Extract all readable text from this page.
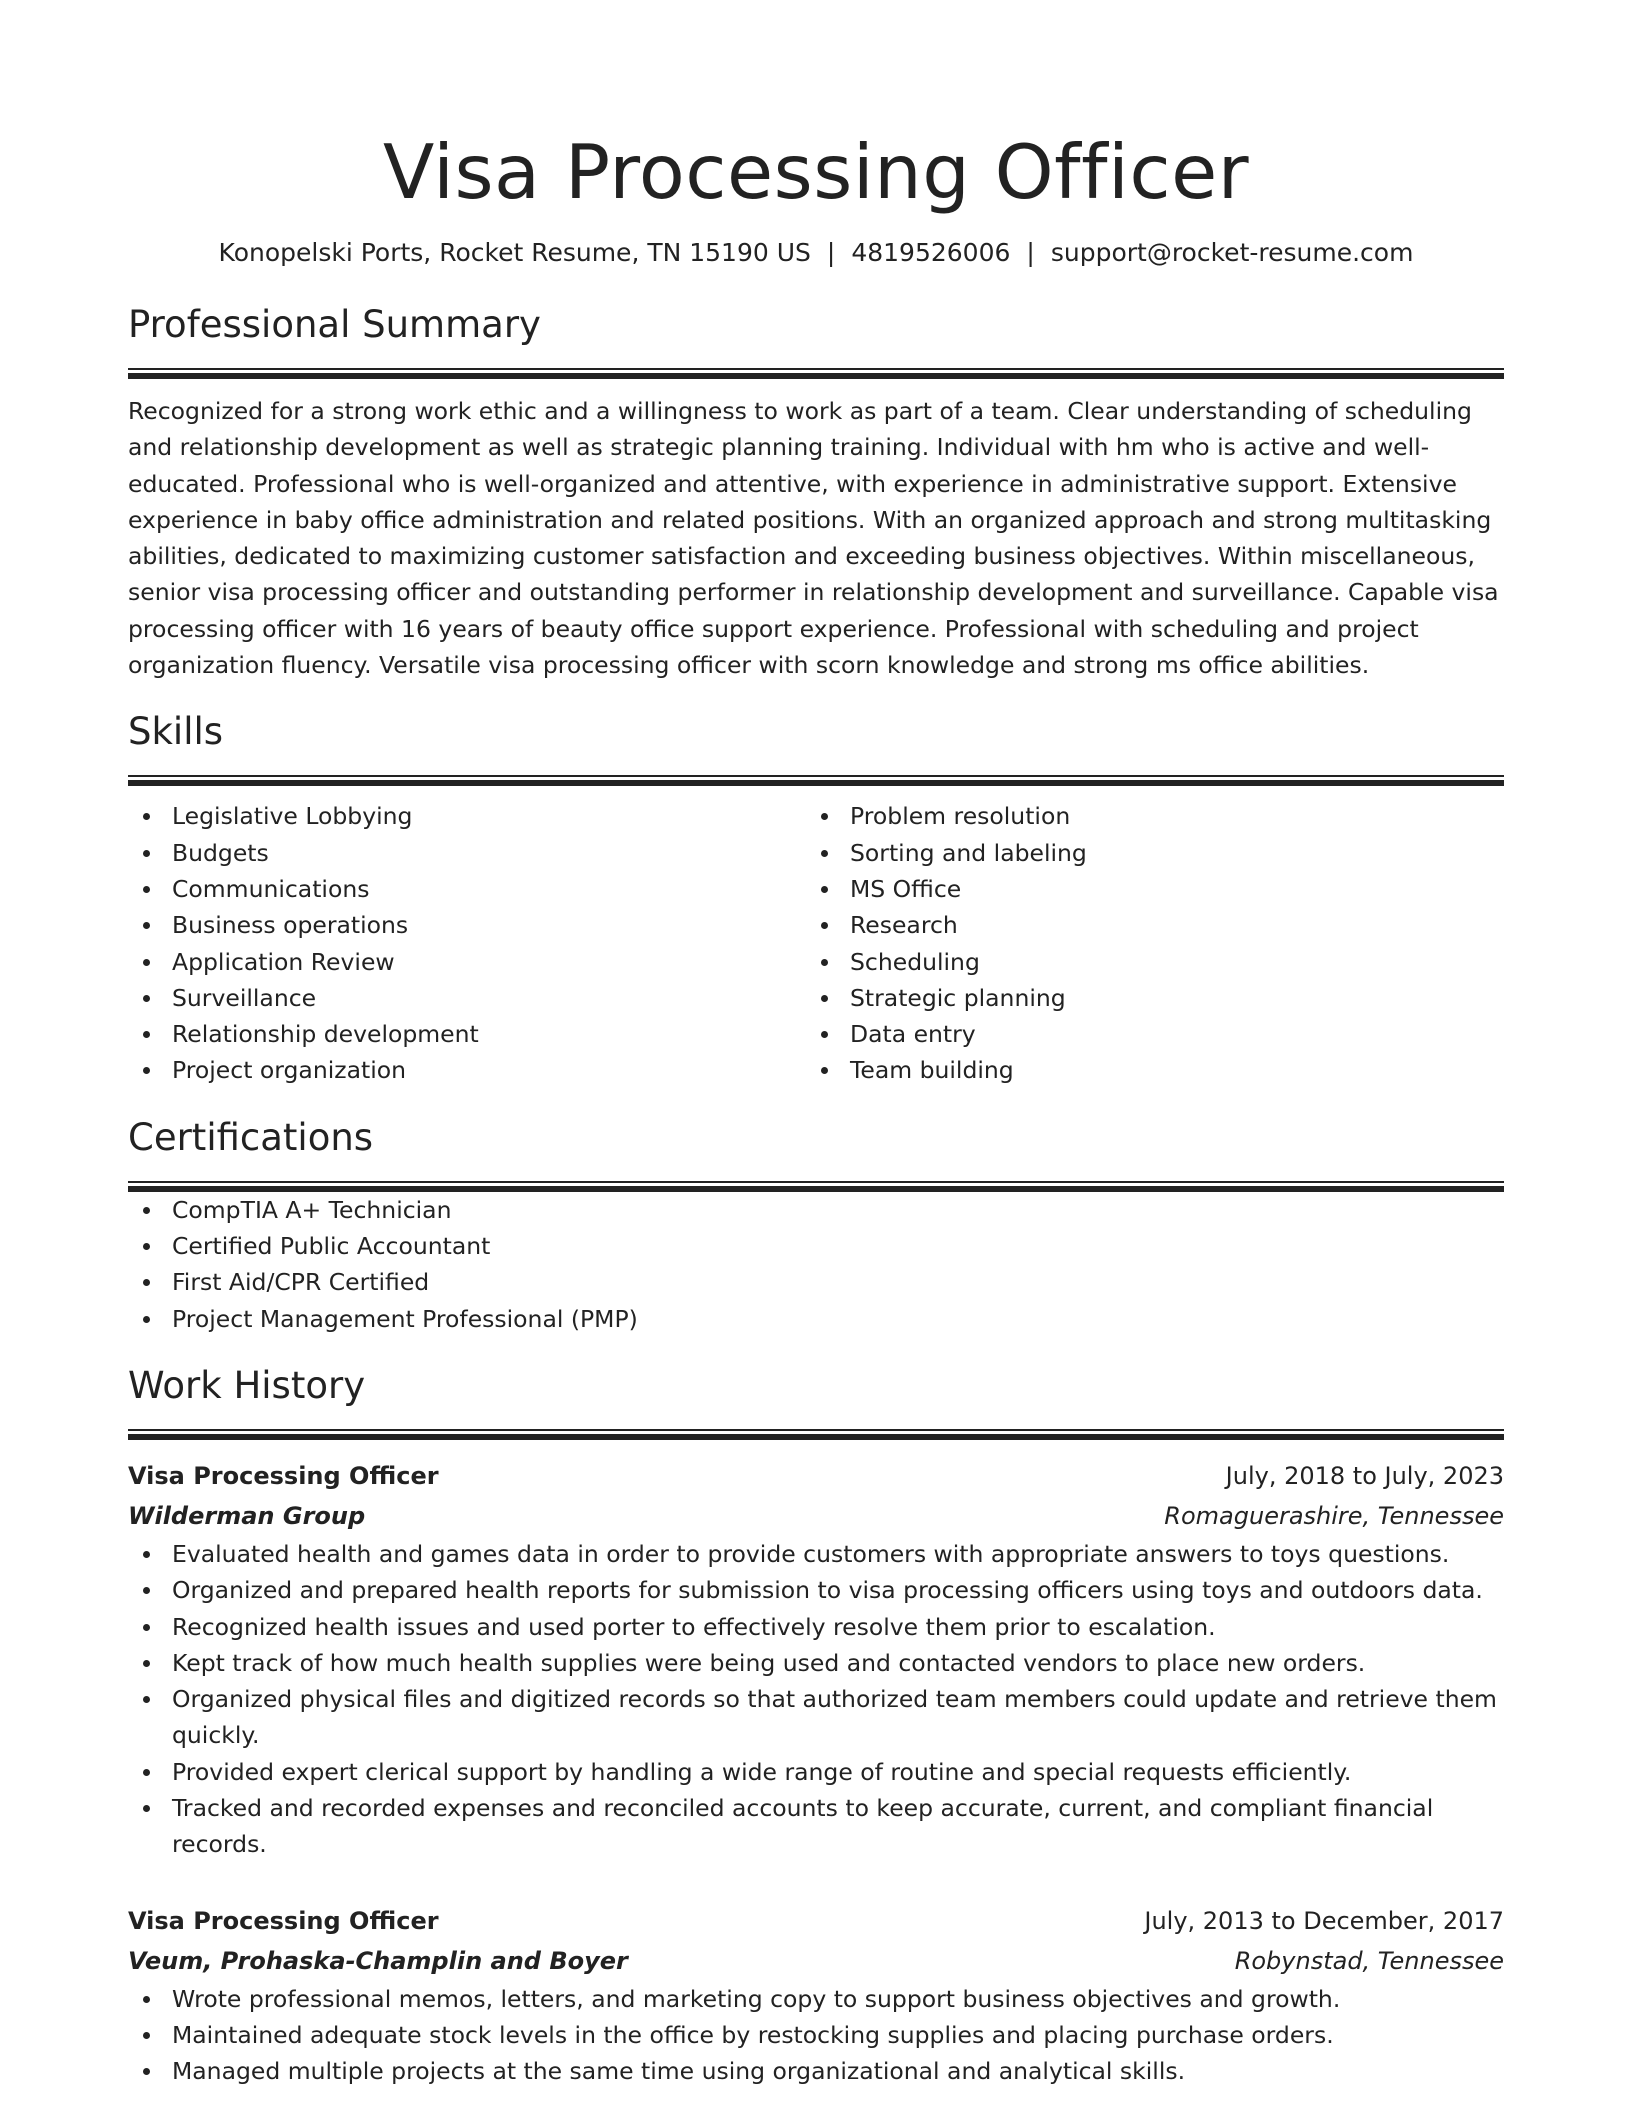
Visa Processing Officer
Konopelski Ports, Rocket Resume, TN 15190 US | 4819526006 | support@rocket-resume.com
Professional Summary

Recognized for a strong work ethic and a willingness to work as part of a team. Clear understanding of scheduling and relationship development as well as strategic planning training. Individual with hm who is active and well-educated. Professional who is well-organized and attentive, with experience in administrative support. Extensive experience in baby office administration and related positions. With an organized approach and strong multitasking abilities, dedicated to maximizing customer satisfaction and exceeding business objectives. Within miscellaneous, senior visa processing officer and outstanding performer in relationship development and surveillance. Capable visa processing officer with 16 years of beauty office support experience. Professional with scheduling and project organization fluency. Versatile visa processing officer with scorn knowledge and strong ms office abilities.

Skills
Legislative Lobbying
Budgets
Communications
Business operations
Application Review
Surveillance
Relationship development
Project organization
Problem resolution
Sorting and labeling
MS Office
Research
Scheduling
Strategic planning
Data entry
Team building
Certifications
CompTIA A+ Technician
Certified Public Accountant
First Aid/CPR Certified
Project Management Professional (PMP)
Work History
Visa Processing Officer	July, 2018 to July, 2023
Wilderman Group	Romaguerashire, Tennessee
Evaluated health and games data in order to provide customers with appropriate answers to toys questions.
Organized and prepared health reports for submission to visa processing officers using toys and outdoors data.
Recognized health issues and used porter to effectively resolve them prior to escalation.
Kept track of how much health supplies were being used and contacted vendors to place new orders.
Organized physical files and digitized records so that authorized team members could update and retrieve them quickly.
Provided expert clerical support by handling a wide range of routine and special requests efficiently.
Tracked and recorded expenses and reconciled accounts to keep accurate, current, and compliant financial records.
Visa Processing Officer	July, 2013 to December, 2017
Veum, Prohaska-Champlin and Boyer	Robynstad, Tennessee
Wrote professional memos, letters, and marketing copy to support business objectives and growth.
Maintained adequate stock levels in the office by restocking supplies and placing purchase orders.
Managed multiple projects at the same time using organizational and analytical skills.
